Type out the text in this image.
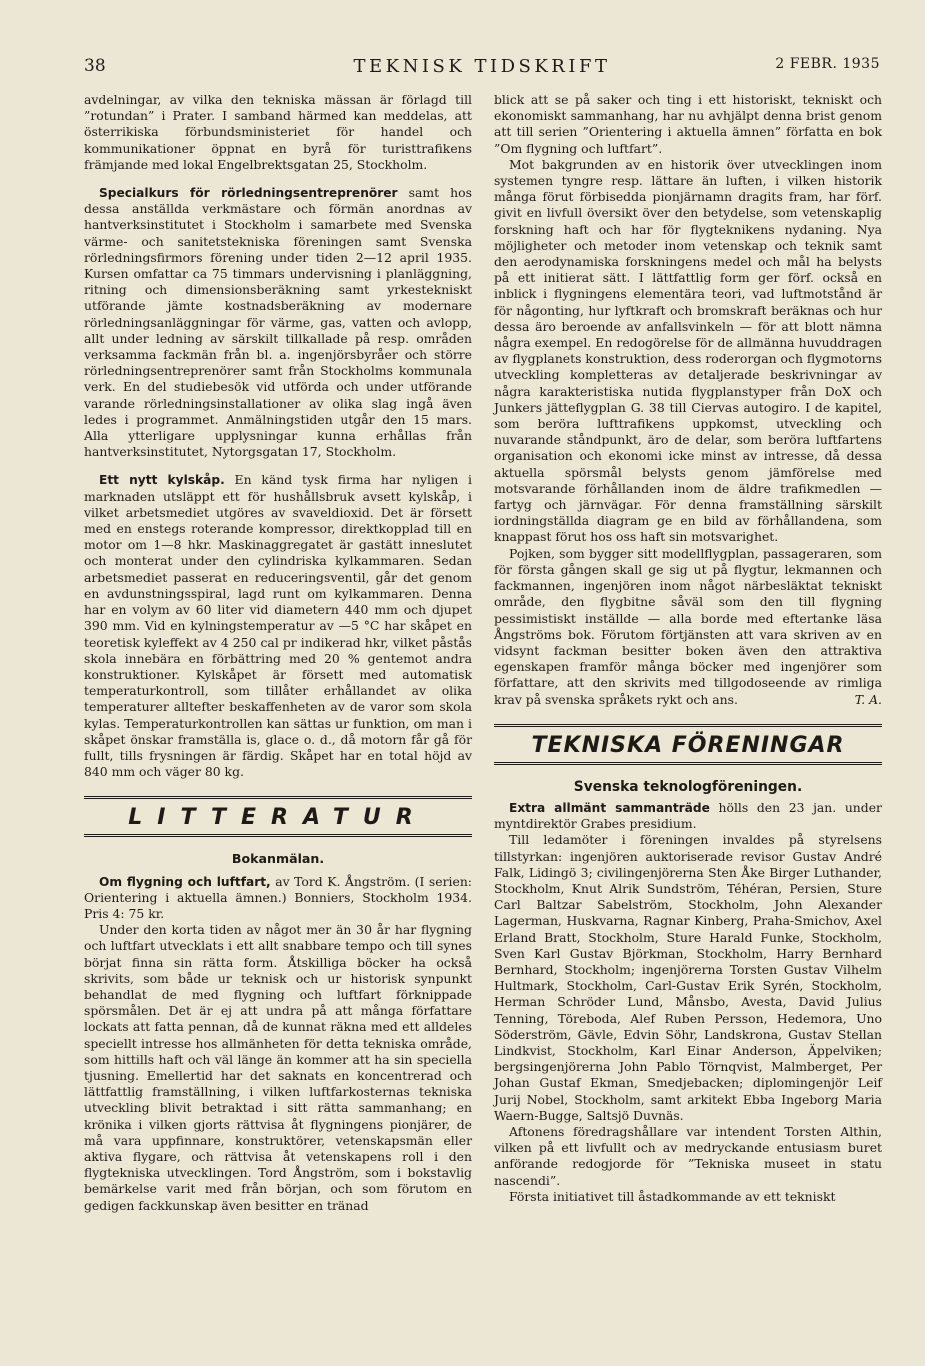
38	TEKNISK TIDSKRIFT	2 FEBR. 1935

avdelningar, av vilka den tekniska mässan är förlagd till ”rotundan” i Prater. I samband härmed kan meddelas, att österrikiska förbundsministeriet för handel och kommunikationer öppnat en byrå för turisttrafikens främjande med lokal Engelbrektsgatan 25, Stockholm.

Specialkurs för rörledningsentreprenörer samt hos dessa anställda verkmästare och förmän anordnas av hantverksinstitutet i Stockholm i samarbete med Svenska värme- och sanitetstekniska föreningen samt Svenska rörledningsfirmors förening under tiden 2—12 april 1935. Kursen omfattar ca 75 timmars undervisning i planläggning, ritning och dimensionsberäkning samt yrkestekniskt utförande jämte kostnadsberäkning av modernare rörledningsanläggningar för värme, gas, vatten och avlopp, allt under ledning av särskilt tillkallade på resp. områden verksamma fackmän från bl. a. ingenjörsbyråer och större rörledningsentreprenörer samt från Stockholms kommunala verk. En del studiebesök vid utförda och under utförande varande rörledningsinstallationer av olika slag ingå även ledes i programmet. Anmälningstiden utgår den 15 mars. Alla ytterligare upplysningar kunna erhållas från hantverksinstitutet, Nytorgsgatan 17, Stockholm.

Ett nytt kylskåp. En känd tysk firma har nyligen i marknaden utsläppt ett för hushållsbruk avsett kylskåp, i vilket arbetsmediet utgöres av svaveldioxid. Det är försett med en enstegs roterande kompressor, direktkopplad till en motor om 1—8 hkr. Maskinaggregatet är gastätt inneslutet och monterat under den cylindriska kylkammaren. Sedan arbetsmediet passerat en reduceringsventil, går det genom en avdunstningsspiral, lagd runt om kylkammaren. Denna har en volym av 60 liter vid diametern 440 mm och djupet 390 mm. Vid en kylningstemperatur av —5 °C har skåpet en teoretisk kyleffekt av 4 250 cal pr indikerad hkr, vilket påstås skola innebära en förbättring med 20 % gentemot andra konstruktioner. Kylskåpet är försett med automatisk temperaturkontroll, som tillåter erhållandet av olika temperaturer alltefter beskaffenheten av de varor som skola kylas. Temperaturkontrollen kan sättas ur funktion, om man i skåpet önskar framställa is, glace o. d., då motorn får gå för fullt, tills frysningen är färdig. Skåpet har en total höjd av 840 mm och väger 80 kg.

LITTERATUR
Bokanmälan.

Om flygning och luftfart, av Tord K. Ångström. (I serien: Orientering i aktuella ämnen.) Bonniers, Stockholm 1934. Pris 4: 75 kr.

Under den korta tiden av något mer än 30 år har flygning och luftfart utvecklats i ett allt snabbare tempo och till synes börjat finna sin rätta form. Åtskilliga böcker ha också skrivits, som både ur teknisk och ur historisk synpunkt behandlat de med flygning och luftfart förknippade spörsmålen. Det är ej att undra på att många författare lockats att fatta pennan, då de kunnat räkna med ett alldeles speciellt intresse hos allmänheten för detta tekniska område, som hittills haft och väl länge än kommer att ha sin speciella tjusning. Emellertid har det saknats en koncentrerad och lättfattlig framställning, i vilken luftfarkosternas tekniska utveckling blivit betraktad i sitt rätta sammanhang; en krönika i vilken gjorts rättvisa åt flygningens pionjärer, de må vara uppfinnare, konstruktörer, vetenskapsmän eller aktiva flygare, och rättvisa åt vetenskapens roll i den flygtekniska utvecklingen. Tord Ångström, som i bokstavlig bemärkelse varit med från början, och som förutom en gedigen fackkunskap även besitter en tränad

blick att se på saker och ting i ett historiskt, tekniskt och ekonomiskt sammanhang, har nu avhjälpt denna brist genom att till serien ”Orientering i aktuella ämnen” författa en bok ”Om flygning och luftfart”.

Mot bakgrunden av en historik över utvecklingen inom systemen tyngre resp. lättare än luften, i vilken historik många förut förbisedda pionjärnamn dragits fram, har förf. givit en livfull översikt över den betydelse, som vetenskaplig forskning haft och har för flygteknikens nydaning. Nya möjligheter och metoder inom vetenskap och teknik samt den aerodynamiska forskningens medel och mål ha belysts på ett initierat sätt. I lättfattlig form ger förf. också en inblick i flygningens elementära teori, vad luftmotstånd är för någonting, hur lyftkraft och bromskraft beräknas och hur dessa äro beroende av anfallsvinkeln — för att blott nämna några exempel. En redogörelse för de allmänna huvuddragen av flygplanets konstruktion, dess roderorgan och flygmotorns utveckling kompletteras av detaljerade beskrivningar av några karakteristiska nutida flygplanstyper från DoX och Junkers jätteflygplan G. 38 till Ciervas autogiro. I de kapitel, som beröra lufttrafikens uppkomst, utveckling och nuvarande ståndpunkt, äro de delar, som beröra luftfartens organisation och ekonomi icke minst av intresse, då dessa aktuella spörsmål belysts genom jämförelse med motsvarande förhållanden inom de äldre trafikmedlen — fartyg och järnvägar. För denna framställning särskilt iordningställda diagram ge en bild av förhållandena, som knappast förut hos oss haft sin motsvarighet.

Pojken, som bygger sitt modellflygplan, passageraren, som för första gången skall ge sig ut på flygtur, lekmannen och fackmannen, ingenjören inom något närbesläktat tekniskt område, den flygbitne såväl som den till flygning pessimistiskt inställde — alla borde med eftertanke läsa Ångströms bok. Förutom förtjänsten att vara skriven av en vidsynt fackman besitter boken även den attraktiva egenskapen framför många böcker med ingenjörer som författare, att den skrivits med tillgodoseende av rimliga krav på svenska språkets rykt och ans.	T. A.

TEKNISKA FÖRENINGAR
Svenska teknologföreningen.

Extra allmänt sammanträde hölls den 23 jan. under myntdirektör Grabes presidium.

Till ledamöter i föreningen invaldes på styrelsens tillstyrkan: ingenjören auktoriserade revisor Gustav André Falk, Lidingö 3; civilingenjörerna Sten Åke Birger Luthander, Stockholm, Knut Alrik Sundström, Téhéran, Persien, Sture Carl Baltzar Sabelström, Stockholm, John Alexander Lagerman, Huskvarna, Ragnar Kinberg, Praha-Smichov, Axel Erland Bratt, Stockholm, Sture Harald Funke, Stockholm, Sven Karl Gustav Björkman, Stockholm, Harry Bernhard Bernhard, Stockholm; ingenjörerna Torsten Gustav Vilhelm Hultmark, Stockholm, Carl-Gustav Erik Syrén, Stockholm, Herman Schröder Lund, Månsbo, Avesta, David Julius Tenning, Töreboda, Alef Ruben Persson, Hedemora, Uno Söderström, Gävle, Edvin Söhr, Landskrona, Gustav Stellan Lindkvist, Stockholm, Karl Einar Anderson, Äppelviken; bergsingenjörerna John Pablo Törnqvist, Malmberget, Per Johan Gustaf Ekman, Smedjebacken; diplomingenjör Leif Jurij Nobel, Stockholm, samt arkitekt Ebba Ingeborg Maria Waern-Bugge, Saltsjö Duvnäs.

Aftonens föredragshållare var intendent Torsten Althin, vilken på ett livfullt och av medryckande entusiasm buret anförande redogjorde för ”Tekniska museet in statu nascendi”.

Första initiativet till åstadkommande av ett tekniskt
